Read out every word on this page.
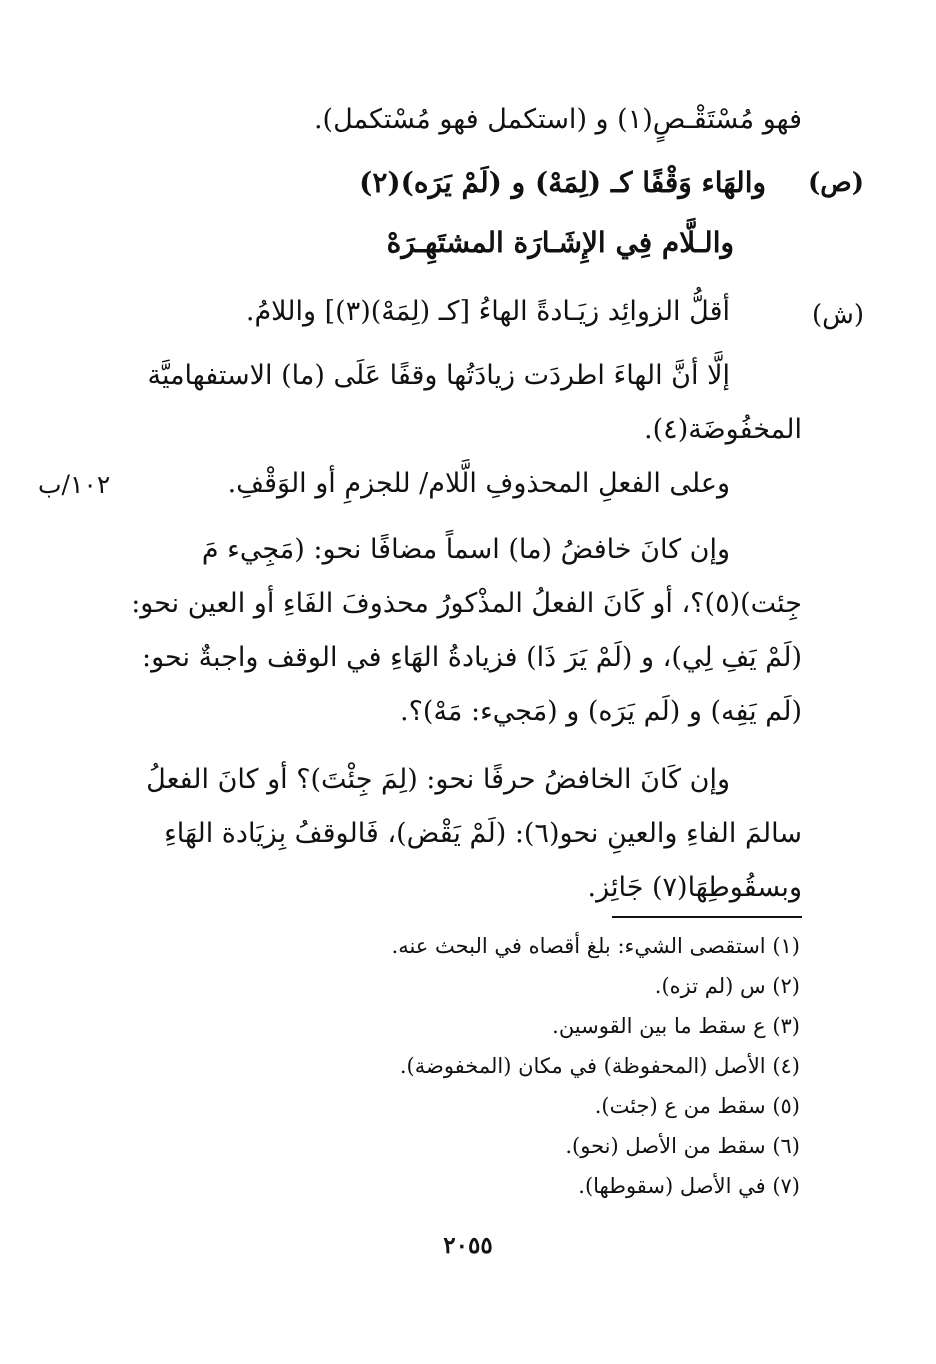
فهو مُسْتَقْـصٍ(١) و (استكمل فهو مُسْتكمل).
(ص)
والهَاء وَقْفًا كـ (لِمَهْ) و (لَمْ يَرَه)(٢)
والـلَّام فِي الإِشَـارَة المشتَهِـرَهْ
(ش)
أقلُّ الزوائِد زيَـادةً الهاءُ [كـ (لِمَهْ)(٣)] واللامُ.
إلَّا أنَّ الهاءَ اطردَت زيادَتُها وقفًا عَلَى (ما) الاستفهاميَّة
المخفُوضَة(٤).
وعلى الفعلِ المحذوفِ الَّلام/ للجزمِ أو الوَقْفِ.
١٠٢/ب
وإن كانَ خافضُ (ما) اسماً مضافًا نحو: (مَجِيء مَ
جِئت)(٥)؟، أو كَانَ الفعلُ المذْكورُ محذوفَ الفَاءِ أو العين نحو:
(لَمْ يَفِ لِي)، و (لَمْ يَرَ ذَا) فزيادةُ الهَاءِ في الوقف واجبةٌ نحو:
(لَم يَفِه) و (لَم يَرَه) و (مَجيء: مَهْ)؟.
وإن كَانَ الخافضُ حرفًا نحو: (لِمَ جِئْتَ)؟ أو كانَ الفعلُ
سالمَ الفاءِ والعينِ نحو(٦): (لَمْ يَقْض)، فَالوقفُ بِزيَادة الهَاءِ
وبسقُوطِهَا(٧) جَائِز.
(١) استقصى الشيء: بلغ أقصاه في البحث عنه.
(٢) س (لم تزه).
(٣) ع سقط ما بين القوسين.
(٤) الأصل (المحفوظة) في مكان (المخفوضة).
(٥) سقط من ع (جئت).
(٦) سقط من الأصل (نحو).
(٧) في الأصل (سقوطها).
٢٠٥٥
